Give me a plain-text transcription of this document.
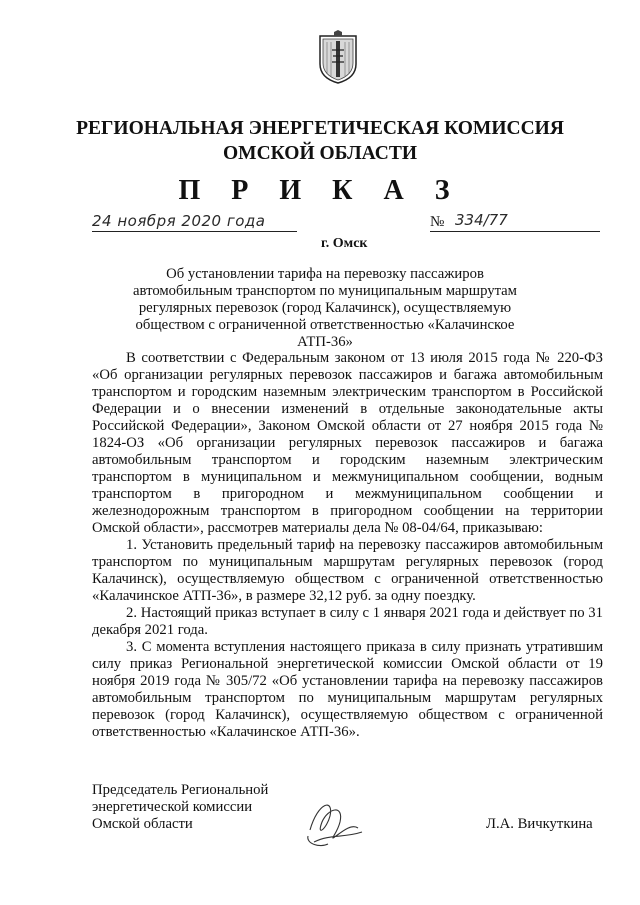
РЕГИОНАЛЬНАЯ ЭНЕРГЕТИЧЕСКАЯ КОМИССИЯ
ОМСКОЙ ОБЛАСТИ
П Р И К А З
24 ноября 2020 года	№ 334/77
г. Омск
Об установлении тарифа на перевозку пассажиров автомобильным транспортом по муниципальным маршрутам регулярных перевозок (город Калачинск), осуществляемую обществом с ограниченной ответственностью «Калачинское АТП-36»

В соответствии с Федеральным законом от 13 июля 2015 года № 220-ФЗ «Об организации регулярных перевозок пассажиров и багажа автомобильным транспортом и городским наземным электрическим транспортом в Российской Федерации и о внесении изменений в отдельные законодательные акты Российской Федерации», Законом Омской области от 27 ноября 2015 года № 1824-ОЗ «Об организации регулярных перевозок пассажиров и багажа автомобильным транспортом и городским наземным электрическим транспортом в муниципальном и межмуниципальном сообщении, водным транспортом в пригородном и межмуниципальном сообщении и железнодорожным транспортом в пригородном сообщении на территории Омской области», рассмотрев материалы дела № 08-04/64, приказываю:

1. Установить предельный тариф на перевозку пассажиров автомобильным транспортом по муниципальным маршрутам регулярных перевозок (город Калачинск), осуществляемую обществом с ограниченной ответственностью «Калачинское АТП-36», в размере 32,12 руб. за одну поездку.

2. Настоящий приказ вступает в силу с 1 января 2021 года и действует по 31 декабря 2021 года.

3. С момента вступления настоящего приказа в силу признать утратившим силу приказ Региональной энергетической комиссии Омской области от 19 ноября 2019 года № 305/72 «Об установлении тарифа на перевозку пассажиров автомобильным транспортом по муниципальным маршрутам регулярных перевозок (город Калачинск), осуществляемую обществом с ограниченной ответственностью «Калачинское АТП-36».

Председатель Региональной
энергетической комиссии
Омской области	Л.А. Вичкуткина
